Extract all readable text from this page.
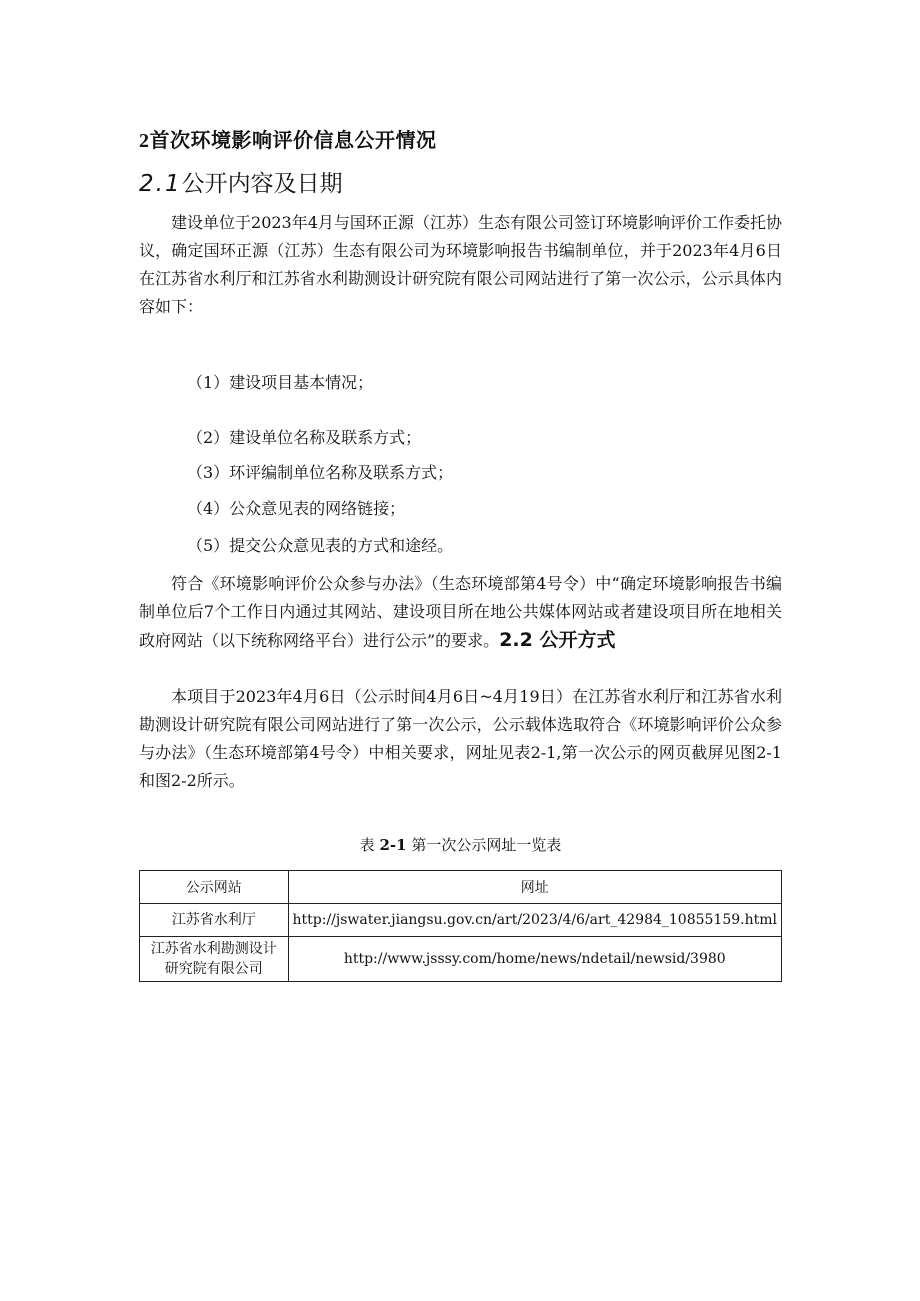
2首次环境影响评价信息公开情况
2.1公开内容及日期

建设单位于2023年4月与国环正源（江苏）生态有限公司签订环境影响评价工作委托协议，确定国环正源（江苏）生态有限公司为环境影响报告书编制单位，并于2023年4月6日在江苏省水利厅和江苏省水利勘测设计研究院有限公司网站进行了第一次公示，公示具体内容如下：

（1）建设项目基本情况；
（2）建设单位名称及联系方式；
（3）环评编制单位名称及联系方式；
（4）公众意见表的网络链接；
（5）提交公众意见表的方式和途经。

符合《环境影响评价公众参与办法》（生态环境部第4号令）中“确定环境影响报告书编制单位后7个工作日内通过其网站、建设项目所在地公共媒体网站或者建设项目所在地相关政府网站（以下统称网络平台）进行公示”的要求。2.2 公开方式

本项目于2023年4月6日（公示时间4月6日~4月19日）在江苏省水利厅和江苏省水利勘测设计研究院有限公司网站进行了第一次公示，公示载体选取符合《环境影响评价公众参与办法》（生态环境部第4号令）中相关要求，网址见表2-1,第一次公示的网页截屏见图2-1和图2-2所示。

表 2-1 第一次公示网址一览表
公示网站	网址
江苏省水利厅	http://jswater.jiangsu.gov.cn/art/2023/4/6/art_42984_10855159.html
江苏省水利勘测设计研究院有限公司	http://www.jsssy.com/home/news/ndetail/newsid/3980
